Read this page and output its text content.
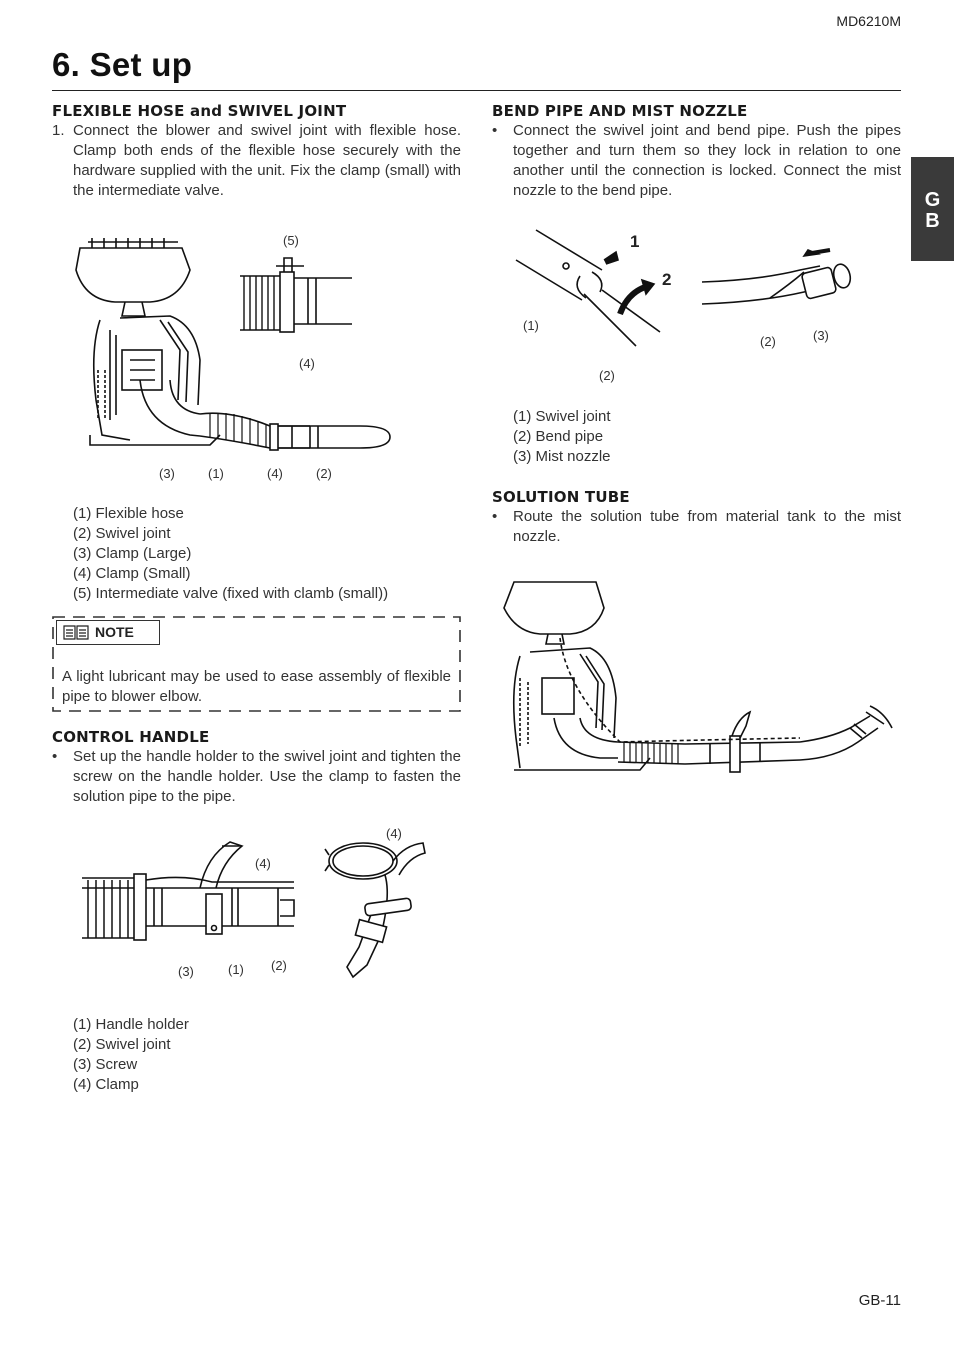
MD6210M
6. Set up
G
B
FLEXIBLE HOSE and SWIVEL JOINT
1. Connect the blower and swivel joint with flexible hose. Clamp both ends of the flexible hose securely with the hardware supplied with the unit. Fix the clamp (small) with the intermediate valve.
(5)
(4)
(3)	(1)	(4)	(2)
(1) Flexible hose
(2) Swivel joint
(3) Clamp (Large)
(4) Clamp (Small)
(5) Intermediate valve (fixed with clamb (small))
NOTE
A light lubricant may be used to ease assembly of flexible pipe to blower elbow.
CONTROL HANDLE
•	Set up the handle holder to the swivel joint and tighten the screw on the handle holder. Use the clamp to fasten the solution pipe to the pipe.
(4)
(4)
(3)	(1) (2)
(1) Handle holder
(2) Swivel joint
(3) Screw
(4) Clamp
BEND PIPE AND MIST NOZZLE
•	Connect the swivel joint and bend pipe. Push the pipes together and turn them so they lock in relation to one another until the connection is locked. Connect the mist nozzle to the bend pipe.
1
2
(1)
(2)
(2)	(3)
(1) Swivel joint
(2) Bend pipe
(3) Mist nozzle
SOLUTION TUBE
•	Route the solution tube from material tank to the mist nozzle.
GB-11
